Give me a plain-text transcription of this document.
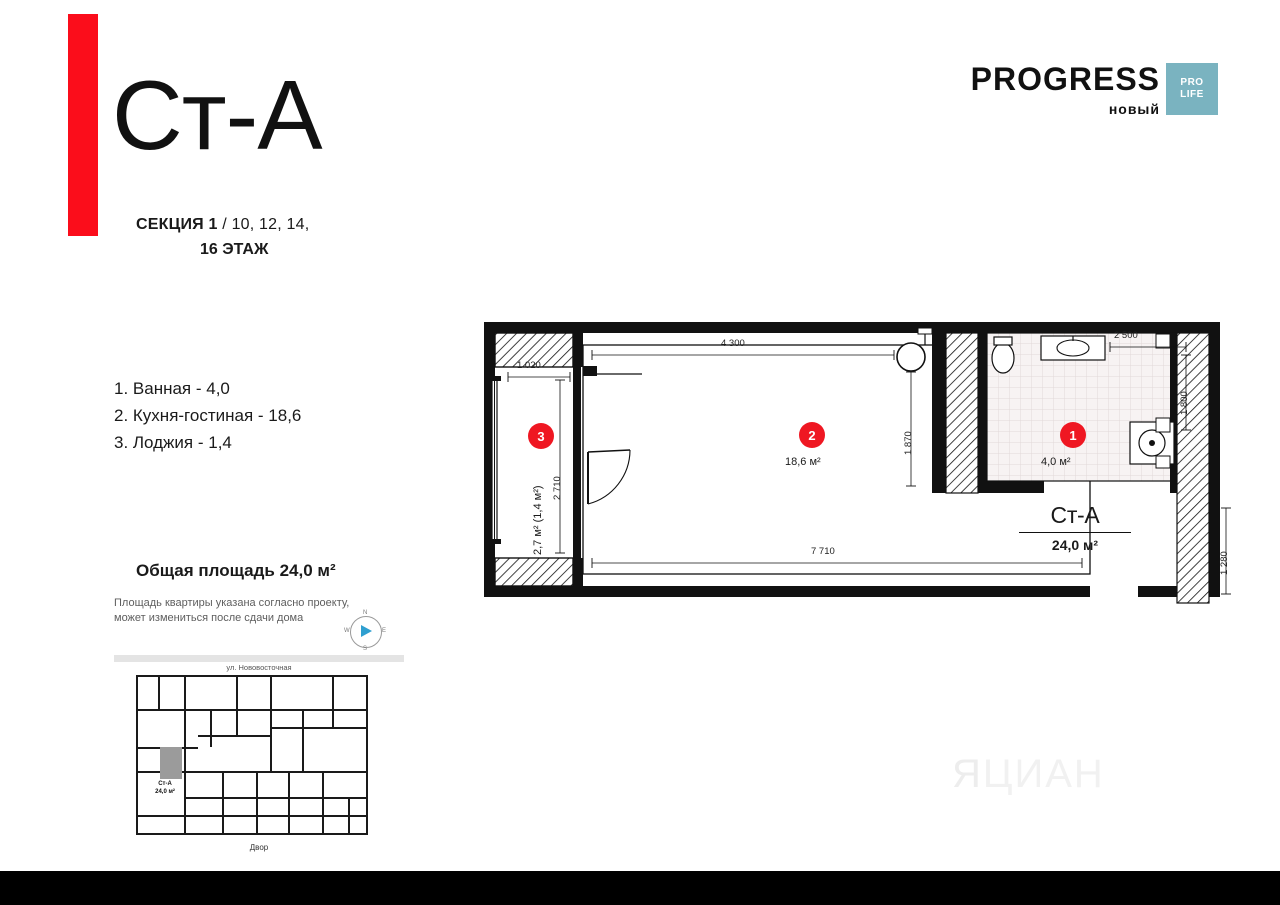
Ст-А
СЕКЦИЯ 1 / 10, 12, 14,
16 ЭТАЖ
PROGRESS
новый
PRO
LIFE
1. Ванная - 4,0
2. Кухня-гостиная - 18,6
3. Лоджия - 1,4
Общая площадь 24,0 м²
Площадь квартиры указана согласно проекту,
может измениться после сдачи дома	N
S
W	E
ул. Нововосточная
Ст-А
24,0 м²
Двор
1
2
3
4,0 м²
18,6 м²
2,7 м² (1,4 м²)	Ст-А
24,0 м²
4 300
7 710
1 020
2 710
1 870
2 500
1 800
1 280
ЯЦИАН
